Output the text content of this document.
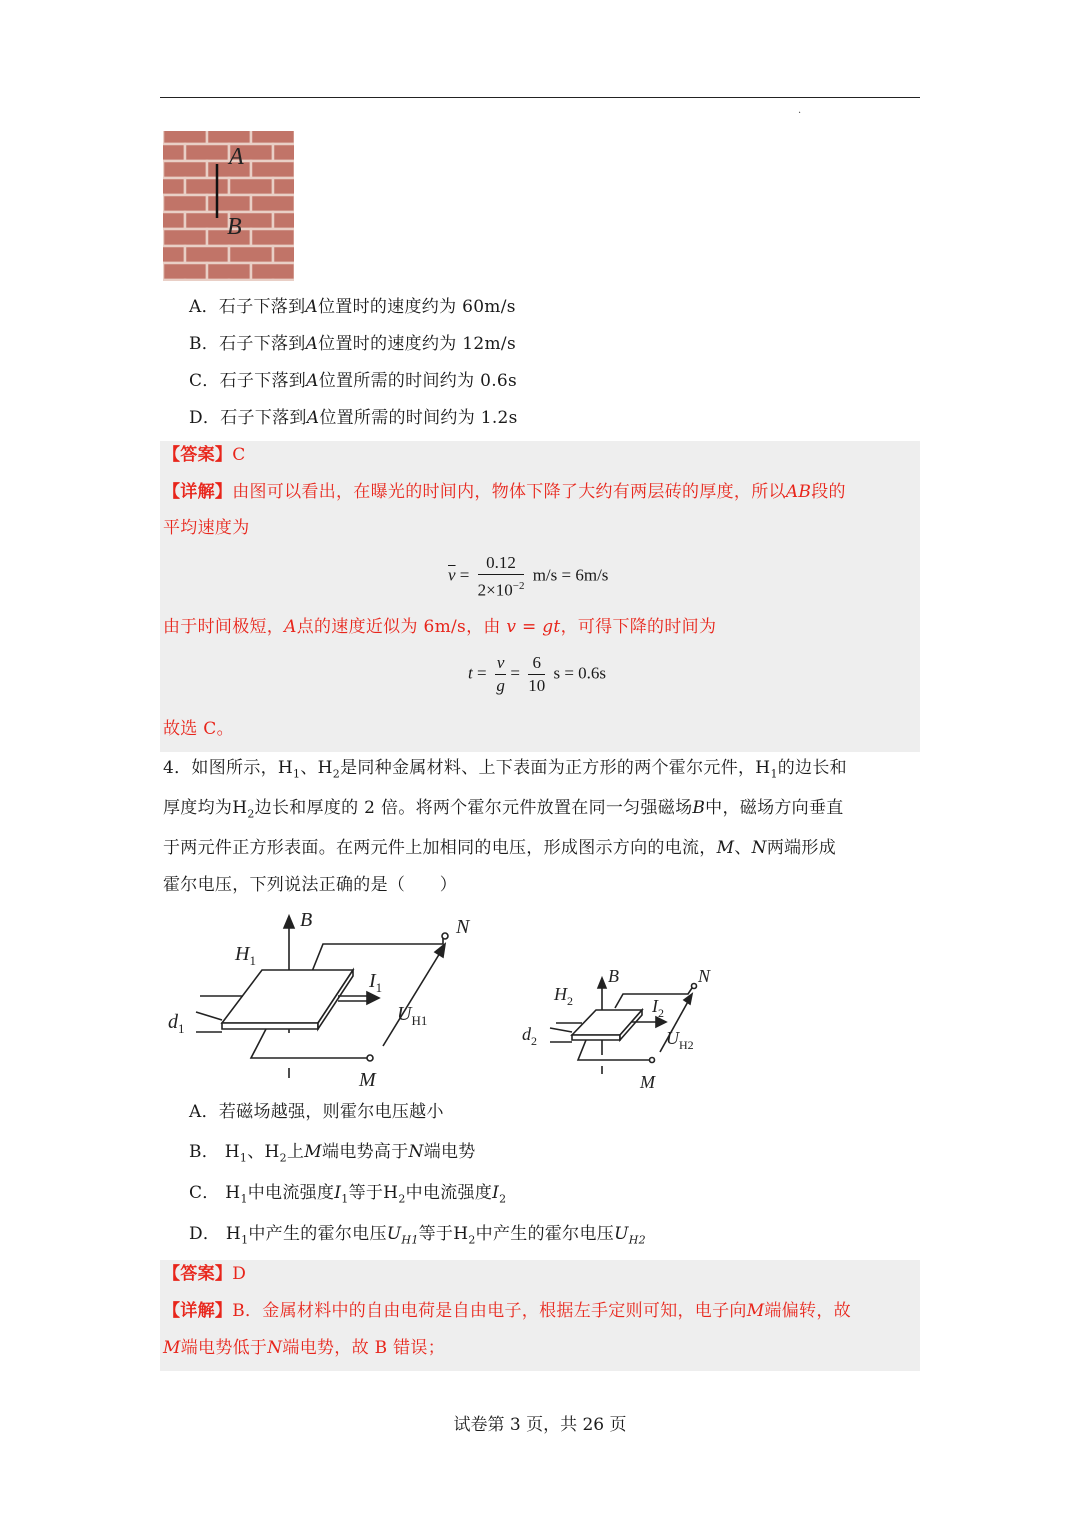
·
A
B
A．石子下落到A位置时的速度约为 60m/s
B．石子下落到A位置时的速度约为 12m/s
C．石子下落到A位置所需的时间约为 0.6s
D．石子下落到A位置所需的时间约为 1.2s
【答案】C
【详解】由图可以看出，在曝光的时间内，物体下降了大约有两层砖的厚度，所以AB段的
平均速度为
$\overline{v} = \frac{0.12}{2\times 10^{-2}} m/s = 6m/s$
由于时间极短，A点的速度近似为 6m/s，由 v = gt，可得下降的时间为
$t = \frac{v}{g} = \frac{6}{10}$ s = 0.6s
故选 C。
4．如图所示，$H_1$、$H_2$是同种金属材料、上下表面为正方形的两个霍尔元件，$H_1$的边长和
厚度均为$H_2$边长和厚度的 2 倍。将两个霍尔元件放置在同一匀强磁场B中，磁场方向垂直
于两元件正方形表面。在两元件上加相同的电压，形成图示方向的电流，M、N两端形成
霍尔电压，下列说法正确的是（　　）
B
$H_1$
N
$I_1$
$d_1$
M
$U_{H1}$
B
$H_2$
N
$I_2$
$d_2$
M
$U_{H2}$
A．若磁场越强，则霍尔电压越小
B． $H_1$、$H_2$上M端电势高于N端电势
C． $H_1$中电流强度$I_1$等于$H_2$中电流强度$I_2$
D． $H_1$中产生的霍尔电压$U_{H1}$等于$H_2$中产生的霍尔电压$U_{H2}$
【答案】D
【详解】B．金属材料中的自由电荷是自由电子，根据左手定则可知，电子向M端偏转，故
M端电势低于N端电势，故 B 错误；
试卷第 3 页，共 26 页
